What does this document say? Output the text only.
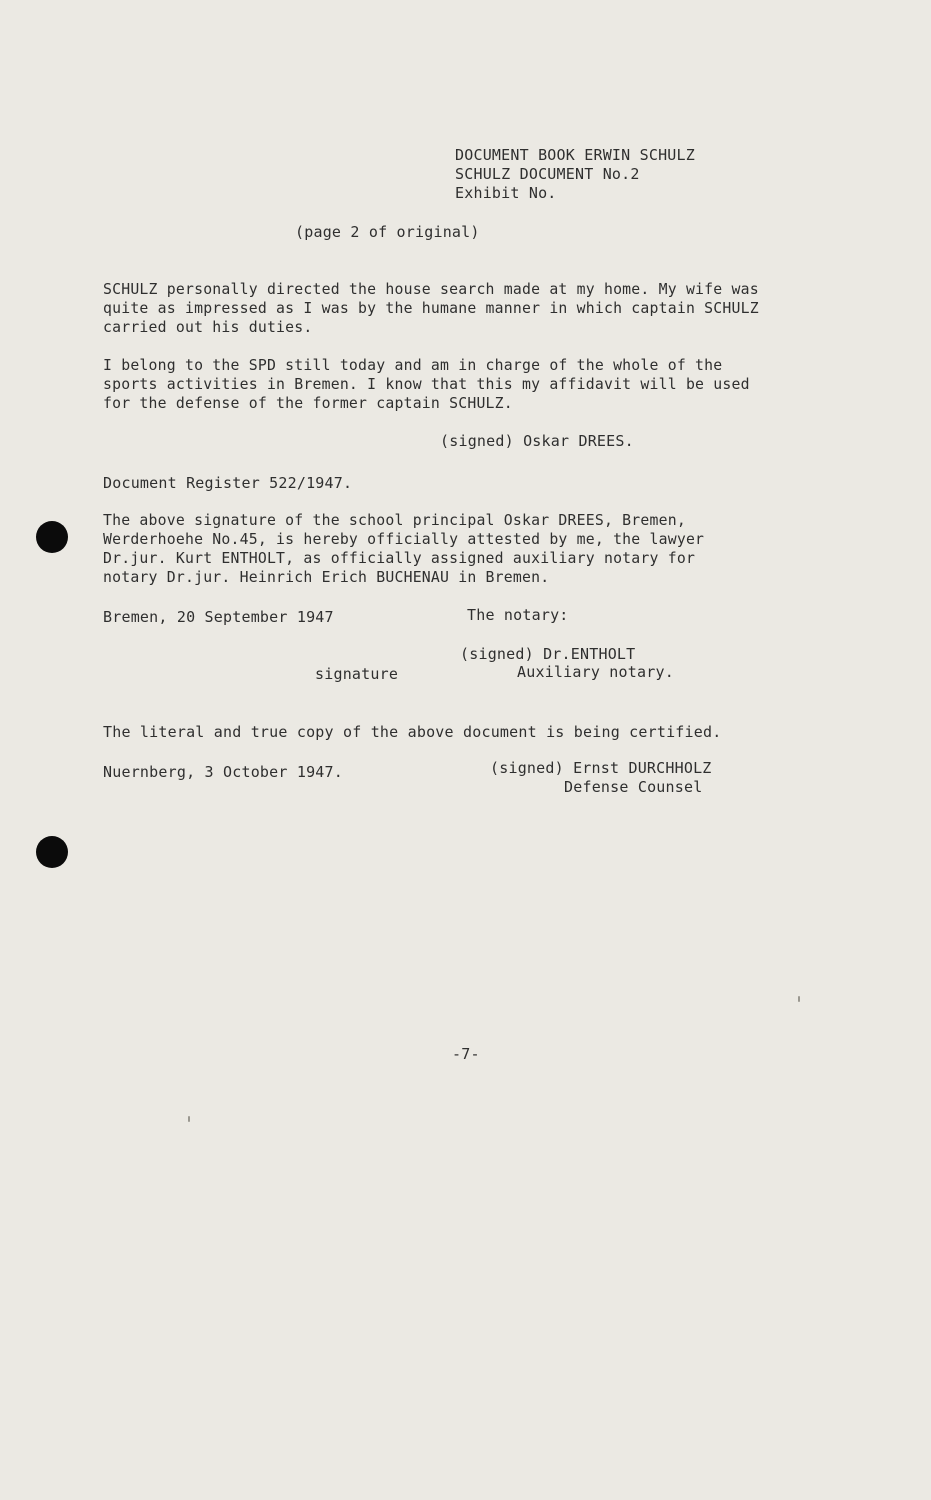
DOCUMENT BOOK ERWIN SCHULZ
SCHULZ DOCUMENT No.2
Exhibit No.
(page 2 of original)
SCHULZ personally directed the house search made at my home. My wife was
quite as impressed as I was by the humane manner in which captain SCHULZ
carried out his duties.
I belong to the SPD still today and am in charge of the whole of the
sports activities in Bremen. I know that this my affidavit will be used
for the defense of the former captain SCHULZ.
(signed) Oskar DREES.
Document Register 522/1947.
The above signature of the school principal Oskar DREES, Bremen,
Werderhoehe No.45, is hereby officially attested by me, the lawyer
Dr.jur. Kurt ENTHOLT, as officially assigned auxiliary notary for
notary Dr.jur. Heinrich Erich BUCHENAU in Bremen.
Bremen, 20 September 1947	The notary:
(signed) Dr.ENTHOLT
signature	Auxiliary notary.
The literal and true copy of the above document is being certified.
Nuernberg, 3 October 1947.	(signed) Ernst DURCHHOLZ
Defense Counsel
-7-
